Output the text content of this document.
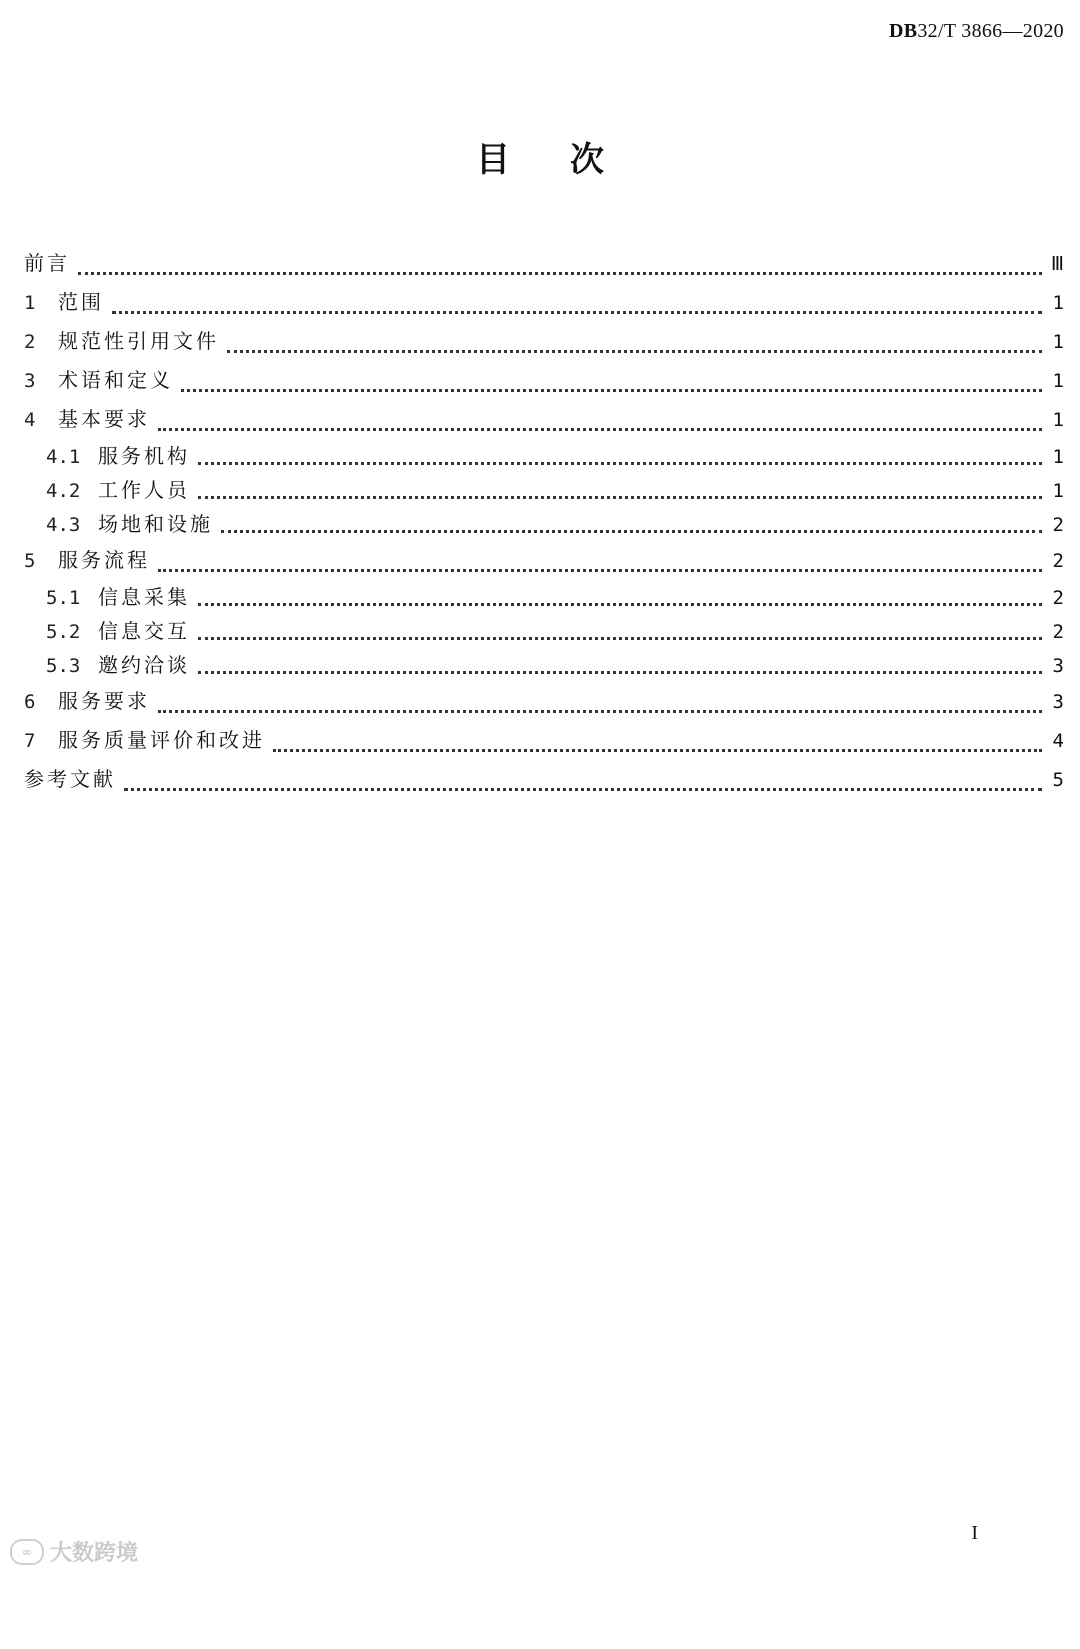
DB32/T 3866—2020
目次
前言	Ⅲ
1	范围	1
2	规范性引用文件	1
3	术语和定义	1
4	基本要求	1
4.1 服务机构	1
4.2 工作人员	1
4.3 场地和设施	2
5	服务流程	2
5.1 信息采集	2
5.2 信息交互	2
5.3 邀约洽谈	3
6	服务要求	3
7	服务质量评价和改进	4
参考文献	5
I
∞ 大数跨境
